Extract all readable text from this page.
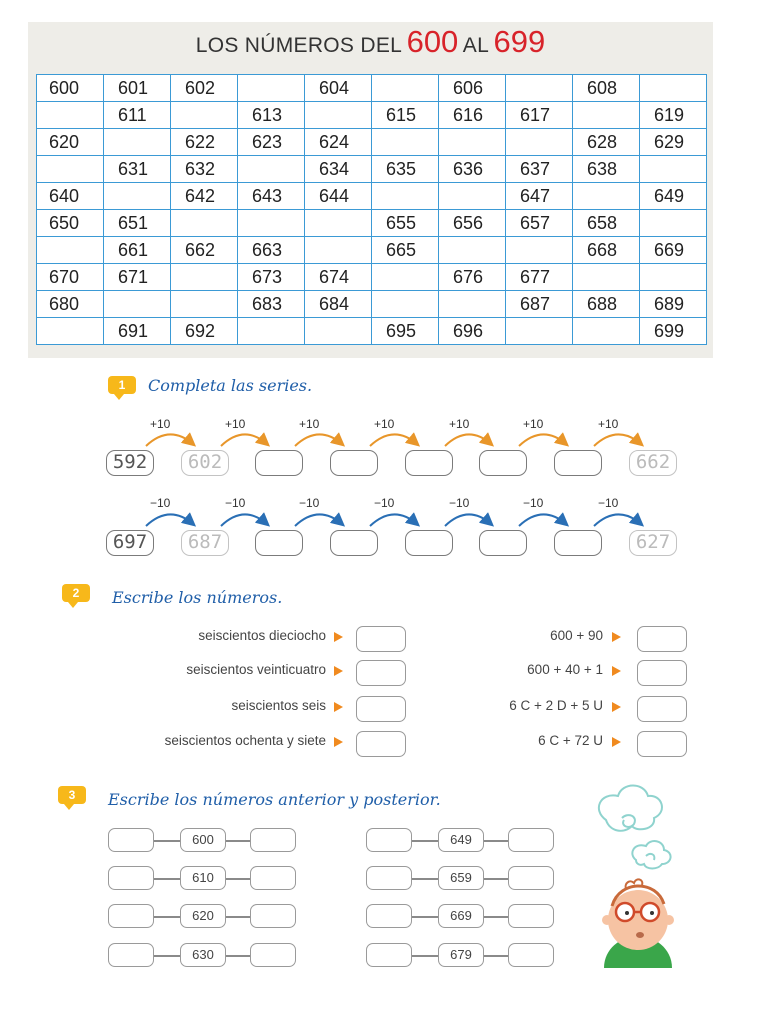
LOS NÚMEROS DEL 600 AL 699
600	601	602		604		606		608	
	611		613		615	616	617		619
620		622	623	624				628	629
	631	632		634	635	636	637	638	
640		642	643	644			647		649
650	651				655	656	657	658	
	661	662	663		665			668	669
670	671		673	674		676	677		
680			683	684			687	688	689
	691	692			695	696			699
1	Completa las series.
592	602	662
+10	+10	+10	+10	+10	+10	+10
697	687	627
−10	−10	−10	−10	−10	−10	−10
2	Escribe los números.
seiscientos dieciocho	600 + 90
seiscientos veinticuatro	600 + 40 + 1
seiscientos seis	6 C + 2 D + 5 U
seiscientos ochenta y siete	6 C + 72 U
3	Escribe los números anterior y posterior.
600
610
620
630
649
659
669
679
